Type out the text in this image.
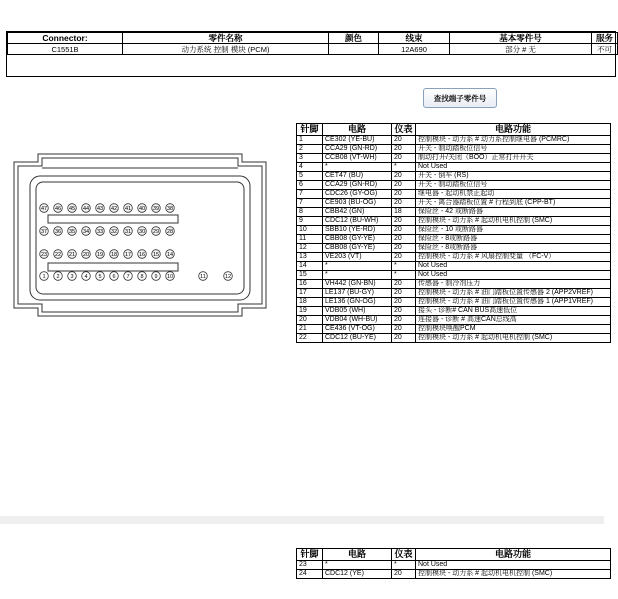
Connector:	零件名称	颜色	线束	基本零件号	服务
C1551B	动力系统 控制 模块 (PCM)		12A690	部分 # 无	不可
查找端子零件号
47 46 45 44 43 42 41 40 39 38
37 36 35 34 33 32 31 30 29 28
23 22 21 20 19 18 17 16 15 14
1 2 3 4 5 6 7 8 9 10	11	12
针脚	电路	仪表	电路功能
1	CE302 (YE-BU)	20	控制模块 - 动力系 # 动力系控制继电器 (PCMRC)
2	CCA29 (GN-RD)	20	开关 - 制动踏板位信号
3	CCB08 (VT-WH)	20	制动打开/关闭（BOO）正常打开开关
4	*	*	Not Used
5	CET47 (BU)	20	开关 - 倒车 (RS)
6	CCA29 (GN-RD)	20	开关 - 制动踏板位信号
7	CDC26 (GY-OG)	20	继电器 - 起动机禁止起动
7	CE903 (BU-OG)	20	开关 - 离合器踏板位置 # 行程到底 (CPP-BT)
8	CBB42 (GN)	18	保险丝 - 42 或断路器
9	CDC12 (BU-WH)	20	控制模块 - 动力系 # 起动机电机控制 (SMC)
10	SBB10 (YE-RD)	20	保险丝 - 10 或断路器
11	CBB08 (GY-YE)	20	保险丝 - 8或断路器
12	CBB08 (GY-YE)	20	保险丝 - 8或断路器
13	VE203 (VT)	20	控制模块 - 动力系 # 风扇控制变量 （FC-V）
14	*	*	Not Used
15	*	*	Not Used
16	VH442 (GN-BN)	20	传感器 - 制冷剂压力
17	LE137 (BU-GY)	20	控制模块 - 动力系 # 油门踏板位置传感器 2 (APP2VREF)
18	LE136 (GN-OG)	20	控制模块 - 动力系 # 油门踏板位置传感器 1 (APP1VREF)
19	VDB05 (WH)	20	接头 - 诊断# CAN BUS高速低位
20	VDB04 (WH-BU)	20	连接器 - 诊断 # 高速CAN总线高
21	CE436 (VT-OG)	20	控制模块唤醒PCM
22	CDC12 (BU-YE)	20	控制模块 - 动力系 # 起动机电机控制 (SMC)
针脚	电路	仪表	电路功能
23	*	*	Not Used
24	CDC12 (YE)	20	控制模块 - 动力系 # 起动机电机控制 (SMC)
